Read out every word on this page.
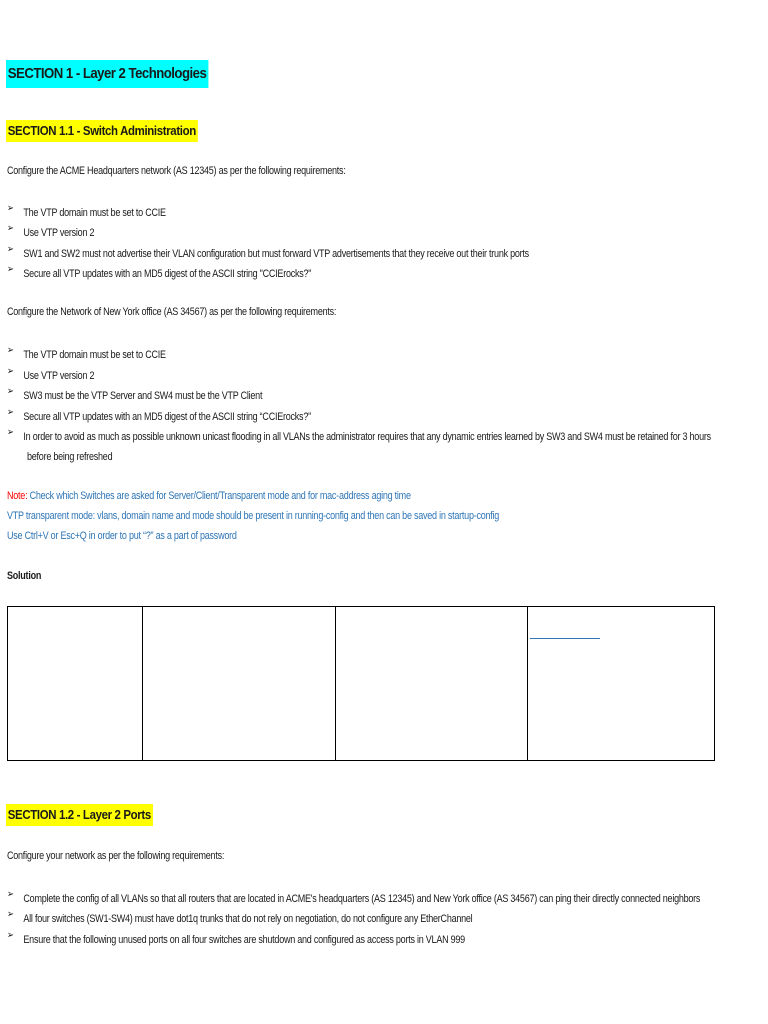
SECTION 1 - Layer 2 Technologies
SECTION 1.1 - Switch Administration
Configure the ACME Headquarters network (AS 12345) as per the following requirements:
➢ The VTP domain must be set to CCIE
➢ Use VTP version 2
➢ SW1 and SW2 must not advertise their VLAN configuration but must forward VTP advertisements that they receive out their trunk ports
➢ Secure all VTP updates with an MD5 digest of the ASCII string "CCIErocks?"
Configure the Network of New York office (AS 34567) as per the following requirements:
➢ The VTP domain must be set to CCIE
➢ Use VTP version 2
➢ SW3 must be the VTP Server and SW4 must be the VTP Client
➢ Secure all VTP updates with an MD5 digest of the ASCII string “CCIErocks?”
➢ In order to avoid as much as possible unknown unicast flooding in all VLANs the administrator requires that any dynamic entries learned by SW3 and SW4 must be retained for 3 hours
before being refreshed
Note: Check which Switches are asked for Server/Client/Transparent mode and for mac-address aging time
VTP transparent mode: vlans, domain name and mode should be present in running-config and then can be saved in startup-config
Use Ctrl+V or Esc+Q in order to put “?” as a part of password
Solution

SECTION 1.2 - Layer 2 Ports
Configure your network as per the following requirements:
➢ Complete the config of all VLANs so that all routers that are located in ACME's headquarters (AS 12345) and New York office (AS 34567) can ping their directly connected neighbors
➢ All four switches (SW1-SW4) must have dot1q trunks that do not rely on negotiation, do not configure any EtherChannel
➢ Ensure that the following unused ports on all four switches are shutdown and configured as access ports in VLAN 999
